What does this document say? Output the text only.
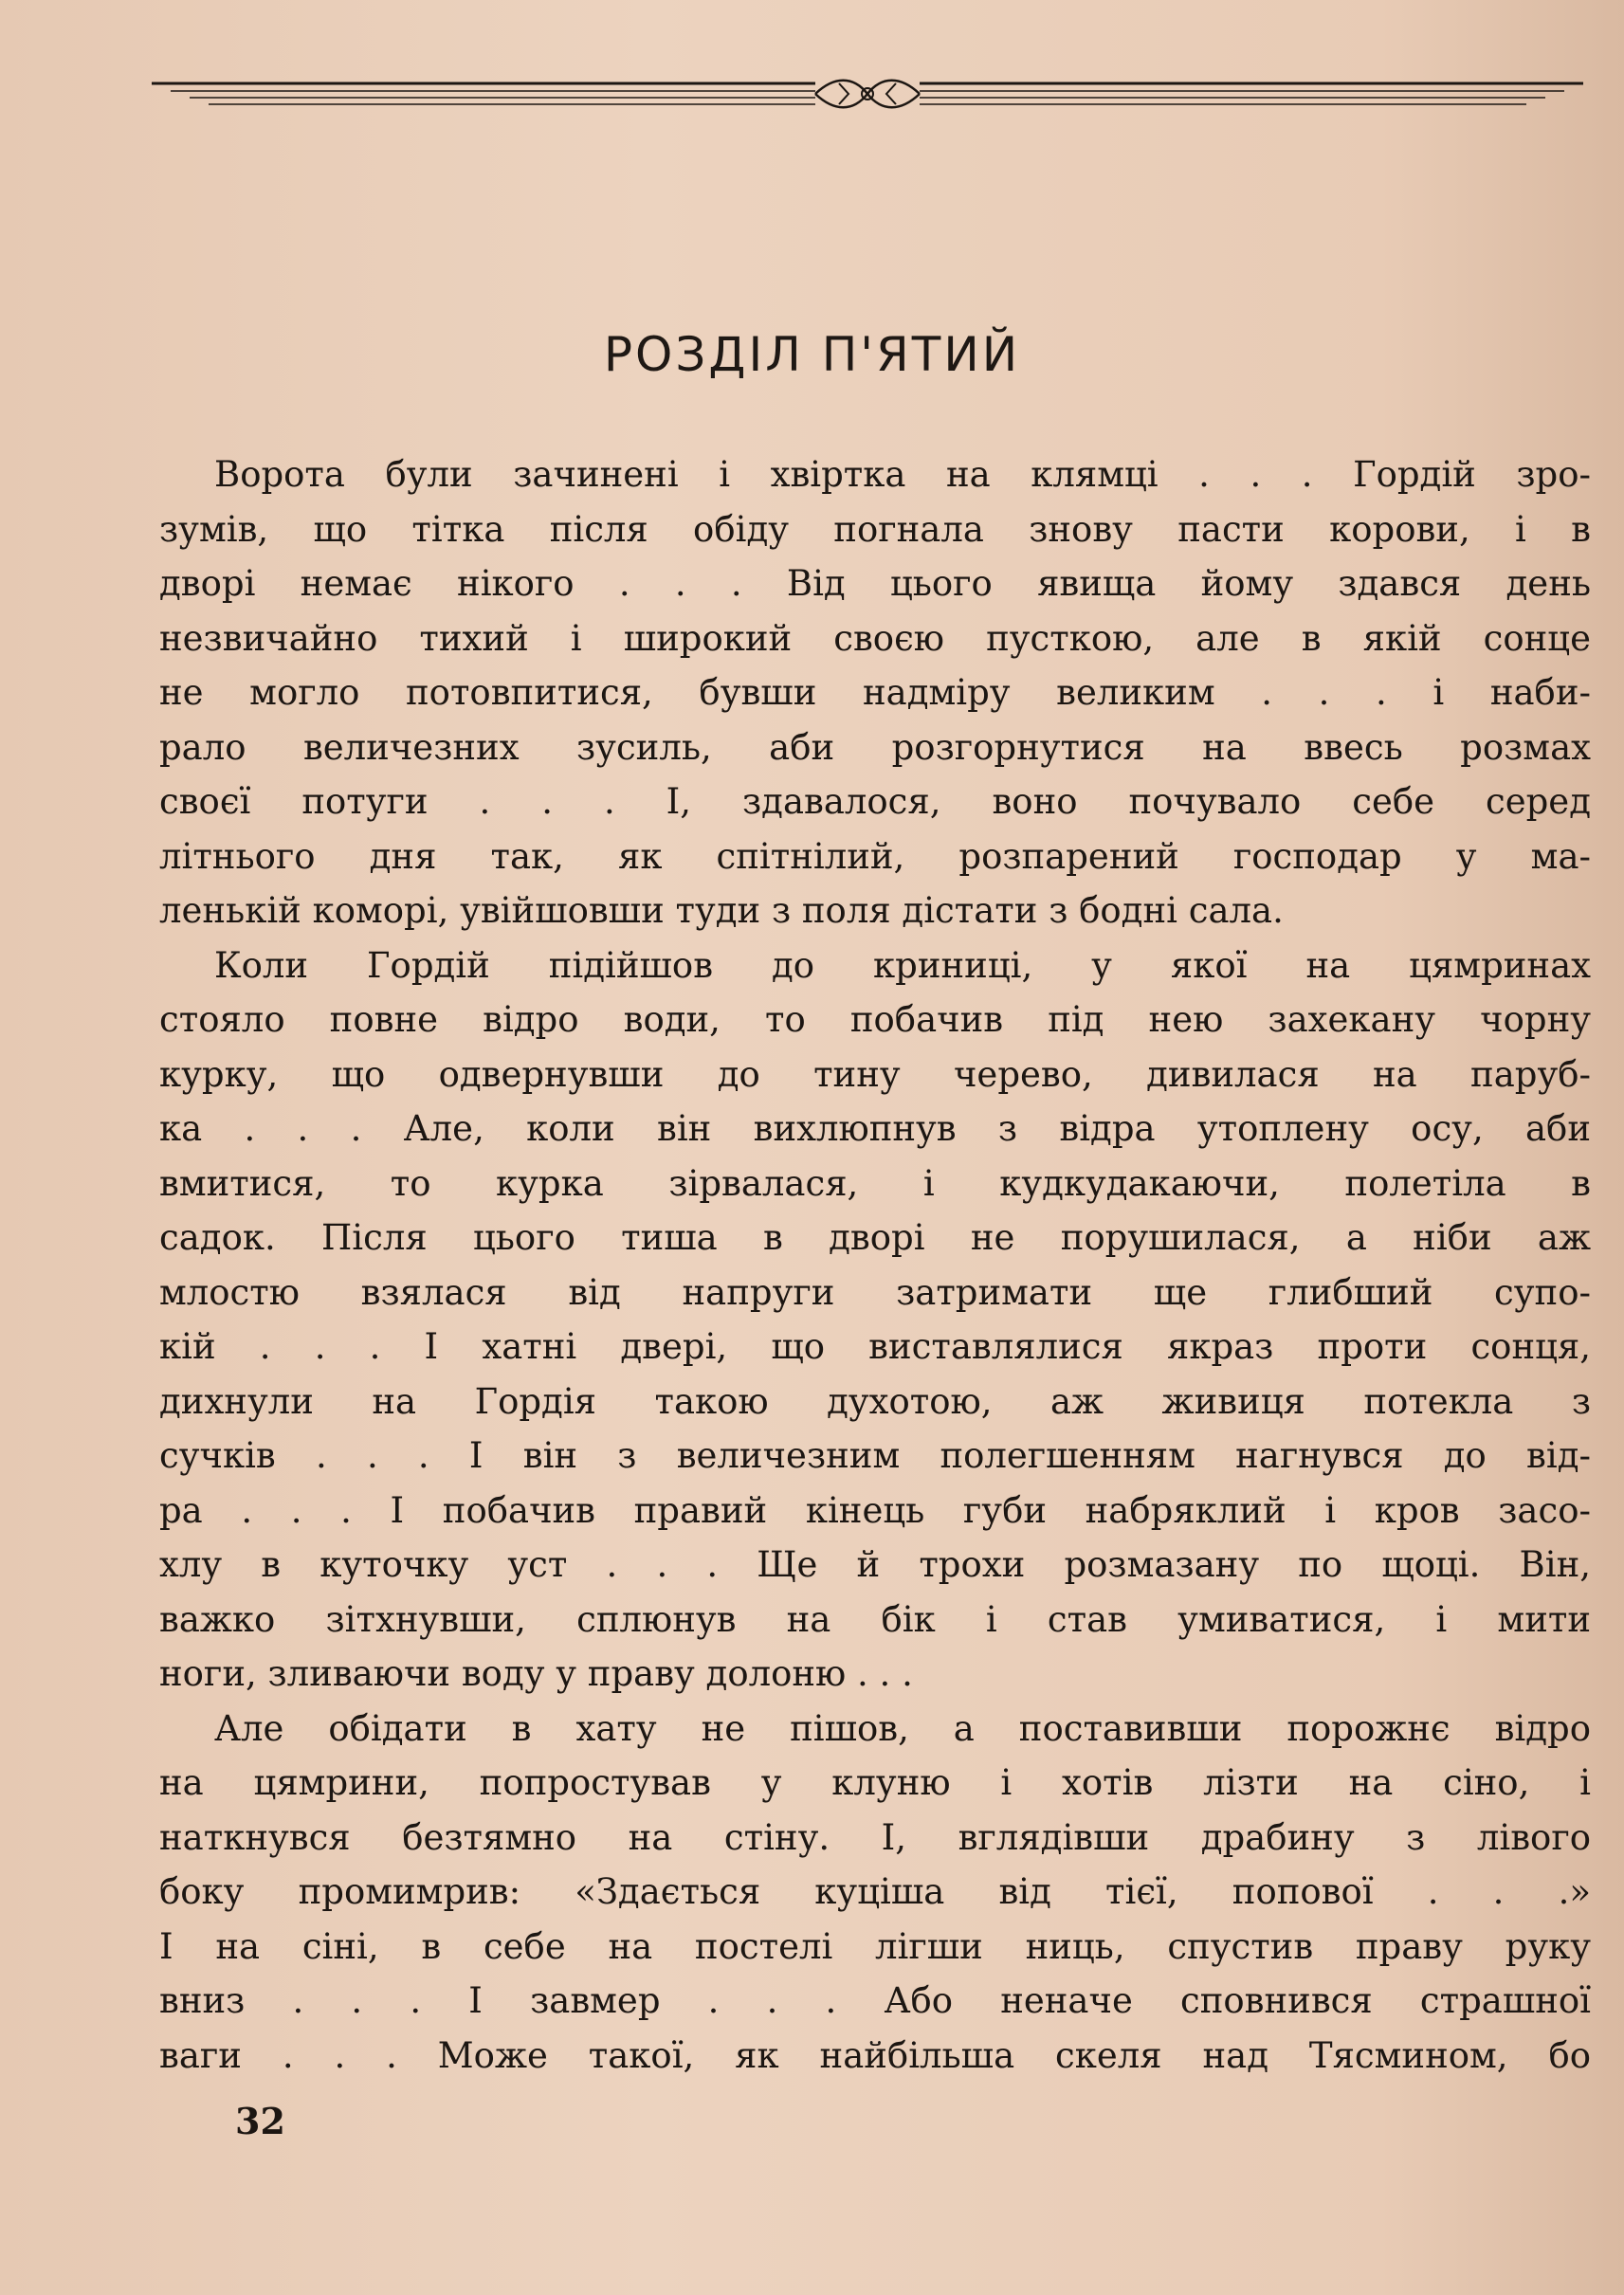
РОЗДІЛ П'ЯТИЙ
Ворота були зачинені і хвіртка на клямці . . . Гордій зро-
зумів, що тітка після обіду погнала знову пасти корови, і в
дворі немає нікого . . . Від цього явища йому здався день
незвичайно тихий і широкий своєю пусткою, але в якій сонце
не могло потовпитися, бувши надміру великим . . . і наби-
рало величезних зусиль, аби розгорнутися на ввесь розмах
своєї потуги . . . І, здавалося, воно почувало себе серед
літнього дня так, як спітнілий, розпарений господар у ма-
ленькій коморі, увійшовши туди з поля дістати з бодні сала.
Коли Гордій підійшов до криниці, у якої на цямринах
стояло повне відро води, то побачив під нею захекану чорну
курку, що одвернувши до тину черево, дивилася на паруб-
ка . . . Але, коли він вихлюпнув з відра утоплену осу, аби
вмитися, то курка зірвалася, і кудкудакаючи, полетіла в
садок. Після цього тиша в дворі не порушилася, а ніби аж
млостю взялася від напруги затримати ще глибший супо-
кій . . . І хатні двері, що виставлялися якраз проти сонця,
дихнули на Гордія такою духотою, аж живиця потекла з
сучків . . . І він з величезним полегшенням нагнувся до від-
ра . . . І побачив правий кінець губи набряклий і кров засо-
хлу в куточку уст . . . Ще й трохи розмазану по щоці. Він,
важко зітхнувши, сплюнув на бік і став умиватися, і мити
ноги, зливаючи воду у праву долоню . . .
Але обідати в хату не пішов, а поставивши порожнє відро
на цямрини, попростував у клуню і хотів лізти на сіно, і
наткнувся безтямно на стіну. І, вглядівши драбину з лівого
боку промимрив: «Здається куціша від тієї, попової . . .»
І на сіні, в себе на постелі лігши ниць, спустив праву руку
вниз . . . І завмер . . . Або неначе сповнився страшної
ваги . . . Може такої, як найбільша скеля над Тясмином, бо
32
